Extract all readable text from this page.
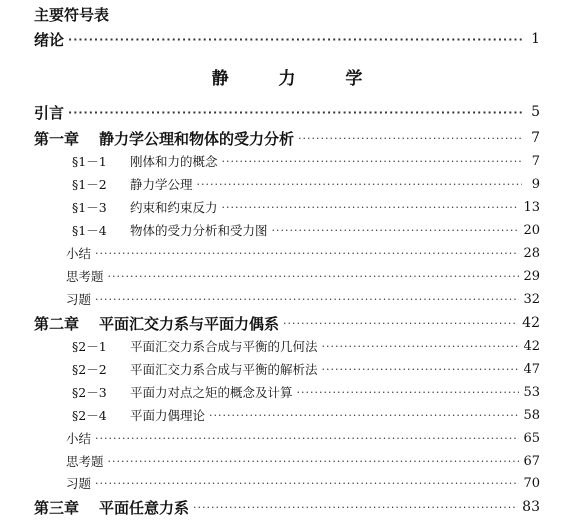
主要符号表
绪论 ·····	1
静 力 学
引言 ·····	5
第一章 静力学公理和物体的受力分析 ·····	7
§1－1 刚体和力的概念 ·····	7
§1－2 静力学公理 ·····	9
§1－3 约束和约束反力 ·····	13
§1－4 物体的受力分析和受力图 ·····	20
小结 ·····	28
思考题 ·····	29
习题 ·····	32
第二章 平面汇交力系与平面力偶系 ·····	42
§2－1 平面汇交力系合成与平衡的几何法 ·····	42
§2－2 平面汇交力系合成与平衡的解析法 ·····	47
§2－3 平面力对点之矩的概念及计算 ·····	53
§2－4 平面力偶理论 ·····	58
小结 ·····	65
思考题 ·····	67
习题 ·····	70
第三章 平面任意力系 ·····	83
